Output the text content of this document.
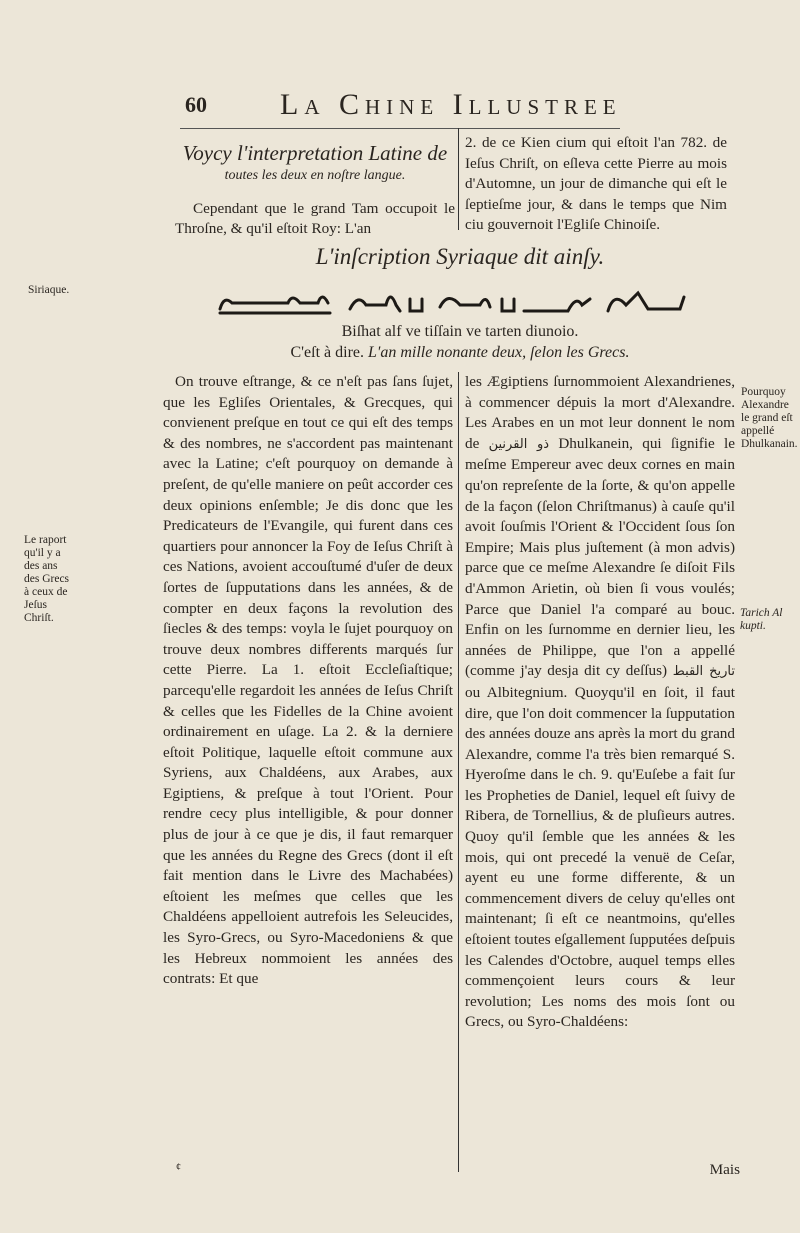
60 La Chine Illustree
Voycy l'interpretation Latine de
toutes les deux en noſtre langue.

Cependant que le grand Tam occupoit le Throſne, & qu'il eſtoit Roy: L'an

2. de ce Kien cium qui eſtoit l'an 782. de Ieſus Chriſt, on eſleva cette Pierre au mois d'Automne, un jour de dimanche qui eſt le ſeptieſme jour, & dans le temps que Nim ciu gouvernoit l'Egliſe Chinoiſe.

L'inſcription Syriaque dit ainſy.
Siriaque.
Biſhat alf ve tiſſain ve tarten diunoio.
C'eſt à dire. L'an mille nonante deux, ſelon les Grecs.
Le raport qu'il y a des ans des Grecs à ceux de Jeſus Chriſt.

On trouve eſtrange, & ce n'eſt pas ſans ſujet, que les Egliſes Orientales, & Grecques, qui convienent preſque en tout ce qui eſt des temps & des nombres, ne s'accordent pas maintenant avec la Latine; c'eſt pourquoy on demande à preſent, de qu'elle maniere on peût accorder ces deux opinions enſemble; Je dis donc que les Predicateurs de l'Evangile, qui furent dans ces quartiers pour annoncer la Foy de Ieſus Chriſt à ces Nations, avoient accouſtumé d'uſer de deux ſortes de ſupputations dans les années, & de compter en deux façons la revolution des ſiecles & des temps: voyla le ſujet pourquoy on trouve deux nombres differents marqués ſur cette Pierre. La 1. eſtoit Eccleſiaſtique; parcequ'elle regardoit les années de Ieſus Chriſt & celles que les Fidelles de la Chine avoient ordinairement en uſage. La 2. & la derniere eſtoit Politique, laquelle eſtoit commune aux Syriens, aux Chaldéens, aux Arabes, aux Egiptiens, & preſque à tout l'Orient. Pour rendre cecy plus intelligible, & pour donner plus de jour à ce que je dis, il faut remarquer que les années du Regne des Grecs (dont il eſt fait mention dans le Livre des Machabées) eſtoient les meſmes que celles que les Chaldéens appelloient autrefois les Seleucides, les Syro-Grecs, ou Syro-Macedoniens & que les Hebreux nommoient les années des contrats: Et que

Pourquoy Alexandre le grand eſt appellé Dhulkanain.
Tarich Al kupti.

les Ægiptiens ſurnommoient Alexandrienes, à commencer dépuis la mort d'Alexandre. Les Arabes en un mot leur donnent le nom de ذو القرنين Dhulkanein, qui ſignifie le meſme Empereur avec deux cornes en main qu'on repreſente de la ſorte, & qu'on appelle de la façon (ſelon Chriſtmanus) à cauſe qu'il avoit ſouſmis l'Orient & l'Occident ſous ſon Empire; Mais plus juſtement (à mon advis) parce que ce meſme Alexandre ſe diſoit Fils d'Ammon Arietin, où bien ſi vous voulés; Parce que Daniel l'a comparé au bouc. Enfin on les ſurnomme en dernier lieu, les années de Philippe, que l'on a appellé (comme j'ay desja dit cy deſſus) تاريخ القبط ou Albitegnium. Quoyqu'il en ſoit, il faut dire, que l'on doit commencer la ſupputation des années douze ans après la mort du grand Alexandre, comme l'a très bien remarqué S. Hyeroſme dans le ch. 9. qu'Euſebe a fait ſur les Propheties de Daniel, lequel eſt ſuivy de Ribera, de Tornellius, & de pluſieurs autres. Quoy qu'il ſemble que les années & les mois, qui ont precedé la venuë de Ceſar, ayent eu une forme differente, & un commencement divers de celuy qu'elles ont maintenant; ſi eſt ce neantmoins, qu'elles eſtoient toutes eſgallement ſupputées deſpuis les Calendes d'Octobre, auquel temps elles commençoient leurs cours & leur revolution; Les noms des mois ſont ou Grecs, ou Syro-Chaldéens:

Mais
¢
